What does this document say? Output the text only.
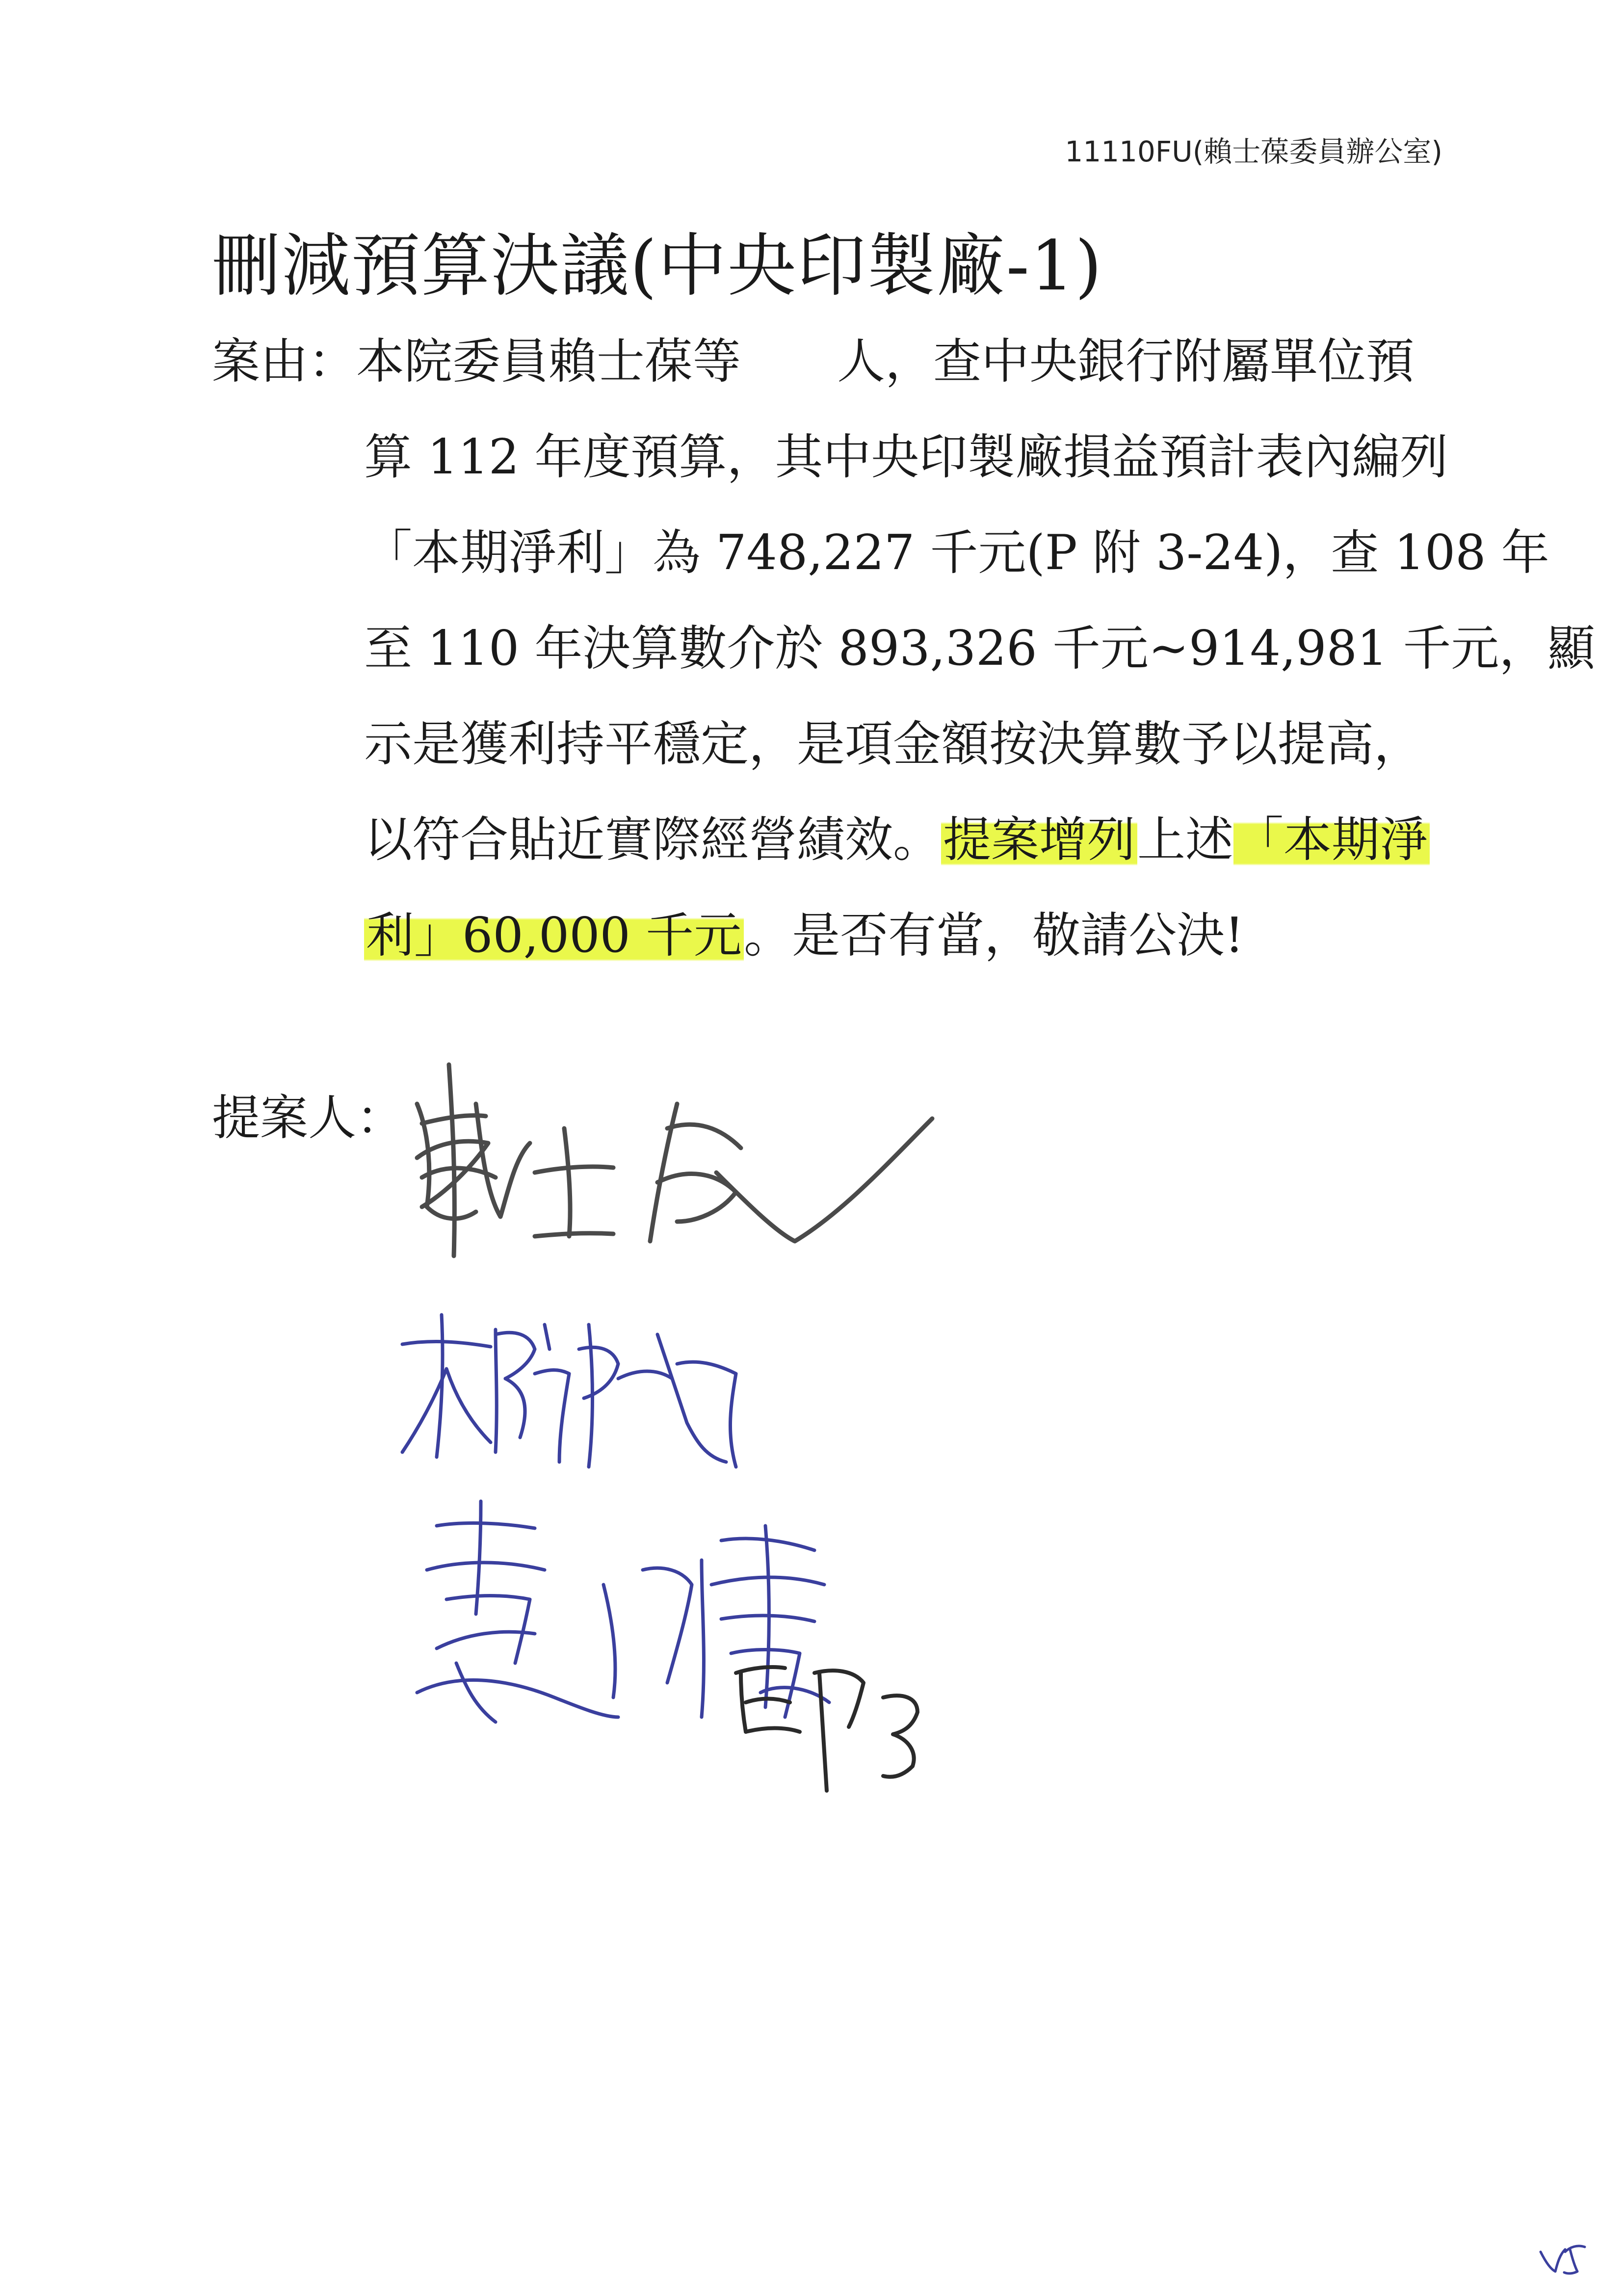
11110FU(賴士葆委員辦公室)
刪減預算決議(中央印製廠-1)
案由：本院委員賴士葆等　　人，查中央銀行附屬單位預
算 112 年度預算，其中央印製廠損益預計表內編列
「本期淨利」為 748,227 千元(P 附 3-24)，查 108 年
至 110 年決算數介於 893,326 千元~914,981 千元，顯
示是獲利持平穩定，是項金額按決算數予以提高，
以符合貼近實際經營績效。提案增列上述「本期淨
利」60,000 千元。是否有當，敬請公決!
提案人：
